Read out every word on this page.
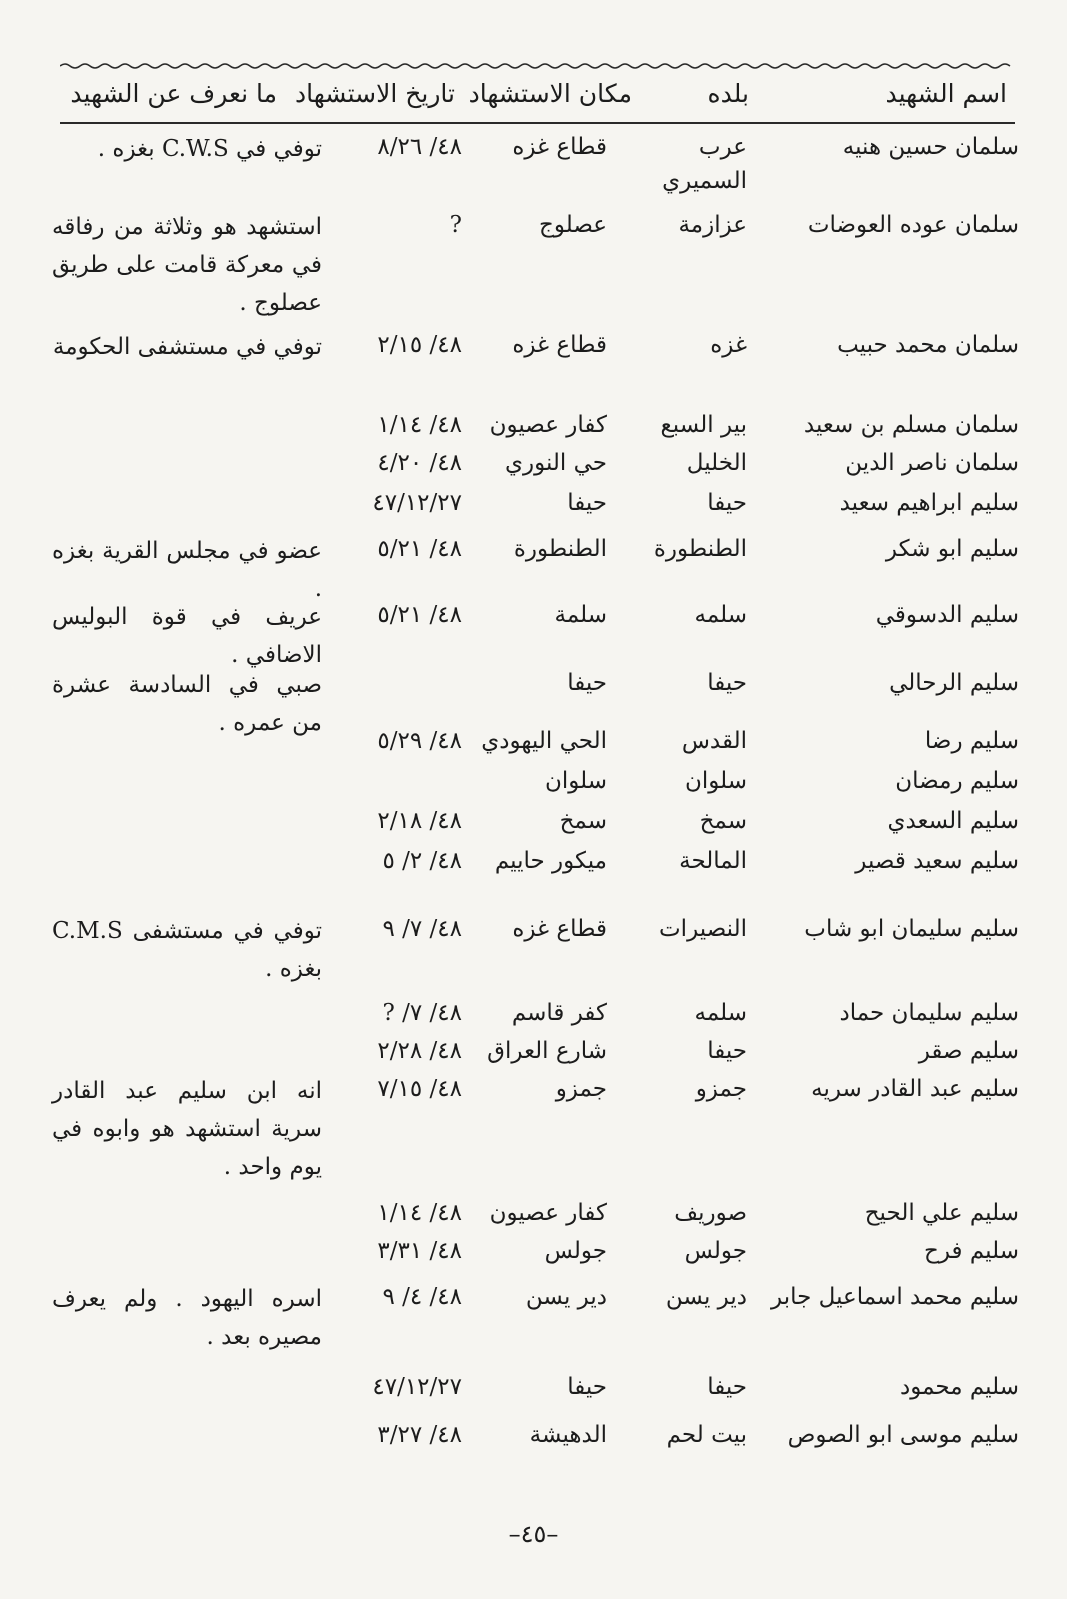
اسم الشهيد
بلده
مكان الاستشهاد
تاريخ الاستشهاد
ما نعرف عن الشهيد
سلمان حسين هنيه
عرب السميري
قطاع غزه
٤٨/ ٨/٢٦
توفي في C.W.S بغزه .
سلمان عوده العوضات
عزازمة
عصلوج
?
استشهد هو وثلاثة من رفاقه في معركة قامت على طريق عصلوج .
سلمان محمد حبيب
غزه
قطاع غزه
٤٨/ ٢/١٥
توفي في مستشفى الحكومة
سلمان مسلم بن سعيد
بير السبع
كفار عصيون
٤٨/ ١/١٤
سلمان ناصر الدين
الخليل
حي النوري
٤٨/ ٤/٢٠
سليم ابراهيم سعيد
حيفا
حيفا
٤٧/١٢/٢٧
سليم ابو شكر
الطنطورة
الطنطورة
٤٨/ ٥/٢١
عضو في مجلس القرية بغزه .
سليم الدسوقي
سلمه
سلمة
٤٨/ ٥/٢١
عريف في قوة البوليس الاضافي .
سليم الرحالي
حيفا
حيفا
صبي في السادسة عشرة من عمره .
سليم رضا
القدس
الحي اليهودي
٤٨/ ٥/٢٩
سليم رمضان
سلوان
سلوان
سليم السعدي
سمخ
سمخ
٤٨/ ٢/١٨
سليم سعيد قصير
المالحة
ميكور حاييم
٤٨/ ٢/ ٥
سليم سليمان ابو شاب
النصيرات
قطاع غزه
٤٨/ ٧/ ٩
توفي في مستشفى C.M.S بغزه .
سليم سليمان حماد
سلمه
كفر قاسم
٤٨/ ٧/ ?
سليم صقر
حيفا
شارع العراق
٤٨/ ٢/٢٨
سليم عبد القادر سريه
جمزو
جمزو
٤٨/ ٧/١٥
انه ابن سليم عبد القادر سرية استشهد هو وابوه في يوم واحد .
سليم علي الحيح
صوريف
كفار عصيون
٤٨/ ١/١٤
سليم فرح
جولس
جولس
٤٨/ ٣/٣١
سليم محمد اسماعيل جابر
دير يسن
دير يسن
٤٨/ ٤/ ٩
اسره اليهود . ولم يعرف مصيره بعد .
سليم محمود
حيفا
حيفا
٤٧/١٢/٢٧
سليم موسى ابو الصوص
بيت لحم
الدهيشة
٤٨/ ٣/٢٧
–٤٥–
